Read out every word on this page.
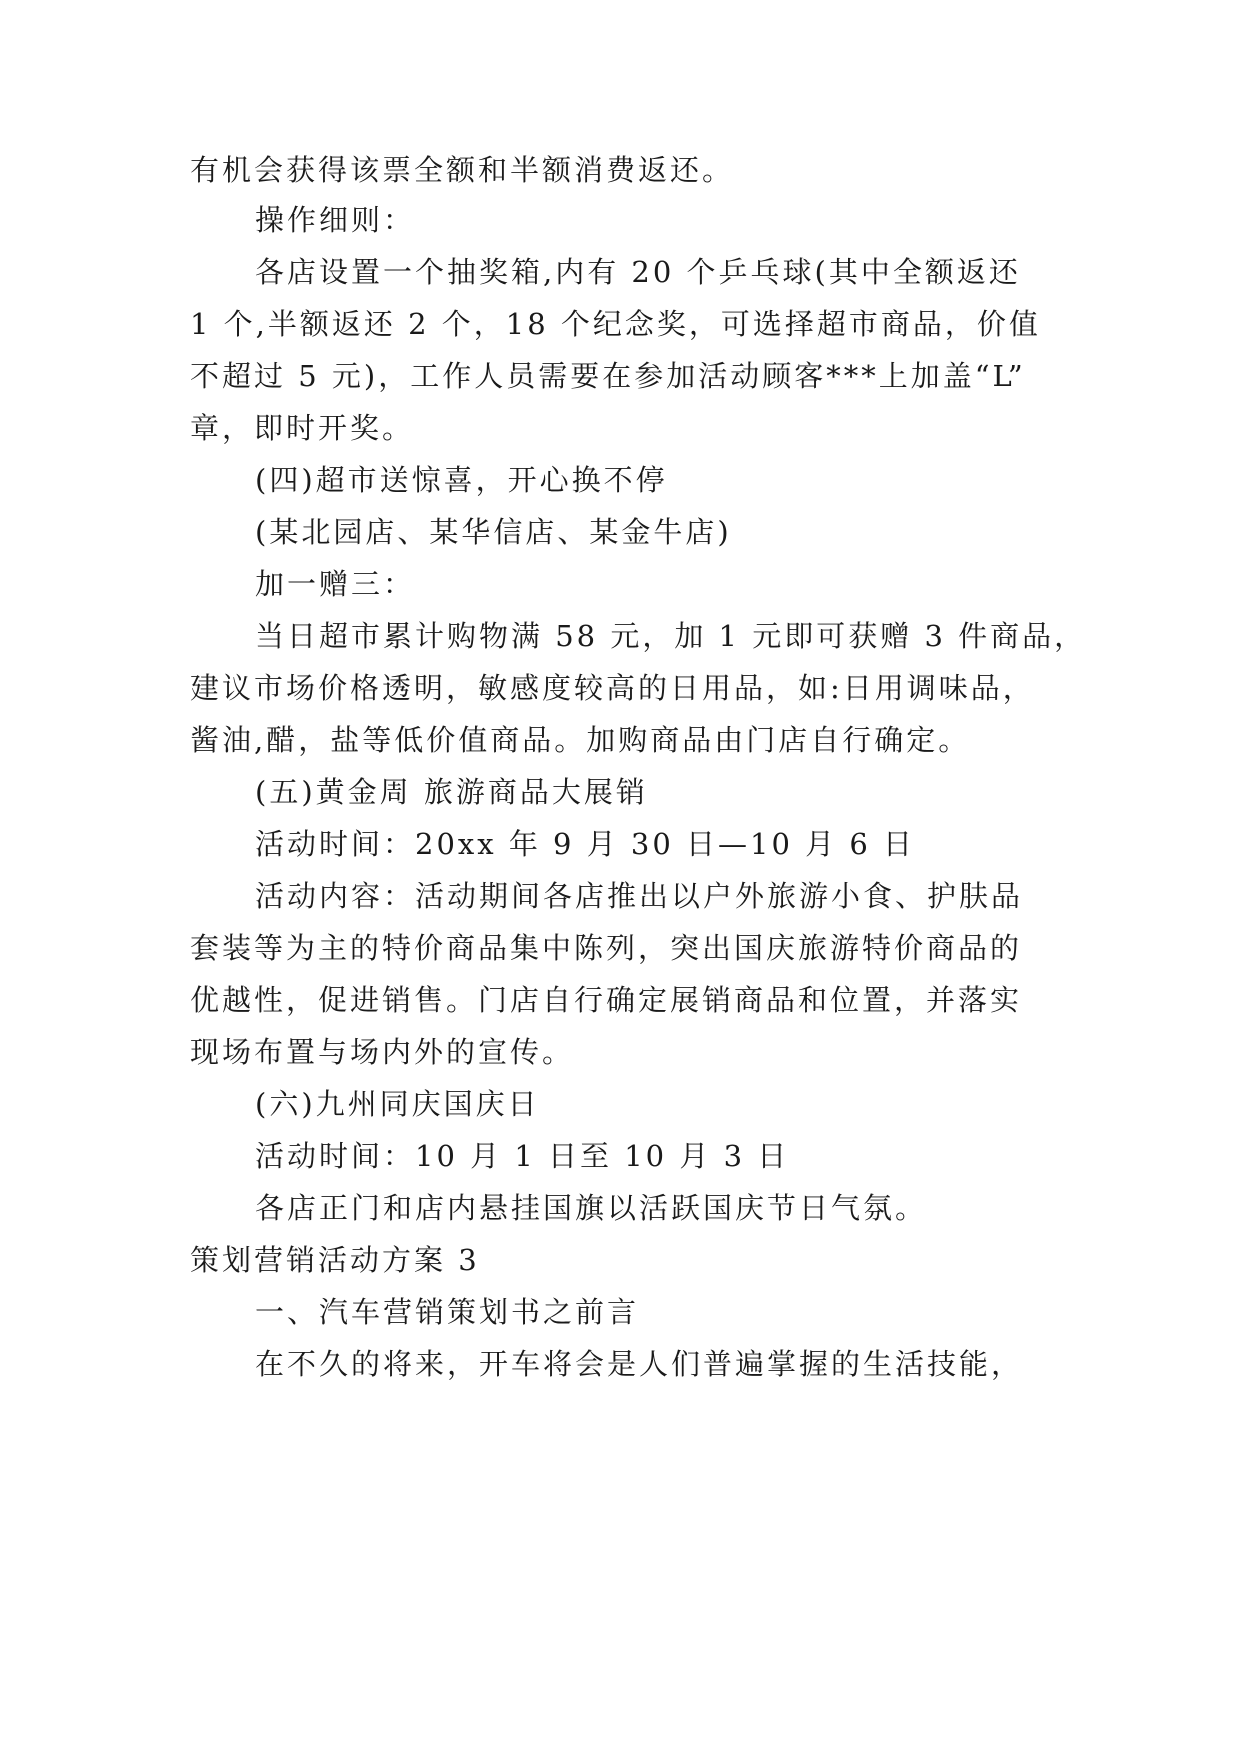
有机会获得该票全额和半额消费返还。
操作细则：
各店设置一个抽奖箱,内有 20 个乒乓球(其中全额返还
1 个,半额返还 2 个，18 个纪念奖，可选择超市商品，价值
不超过 5 元)，工作人员需要在参加活动顾客***上加盖“L”
章，即时开奖。
(四)超市送惊喜，开心换不停
(某北园店、某华信店、某金牛店)
加一赠三：
当日超市累计购物满 58 元，加 1 元即可获赠 3 件商品，
建议市场价格透明，敏感度较高的日用品，如:日用调味品，
酱油,醋，盐等低价值商品。加购商品由门店自行确定。
(五)黄金周 旅游商品大展销
活动时间：20xx 年 9 月 30 日—10 月 6 日
活动内容：活动期间各店推出以户外旅游小食、护肤品
套装等为主的特价商品集中陈列，突出国庆旅游特价商品的
优越性，促进销售。门店自行确定展销商品和位置，并落实
现场布置与场内外的宣传。
(六)九州同庆国庆日
活动时间：10 月 1 日至 10 月 3 日
各店正门和店内悬挂国旗以活跃国庆节日气氛。
策划营销活动方案 3
一、汽车营销策划书之前言
在不久的将来，开车将会是人们普遍掌握的生活技能，
